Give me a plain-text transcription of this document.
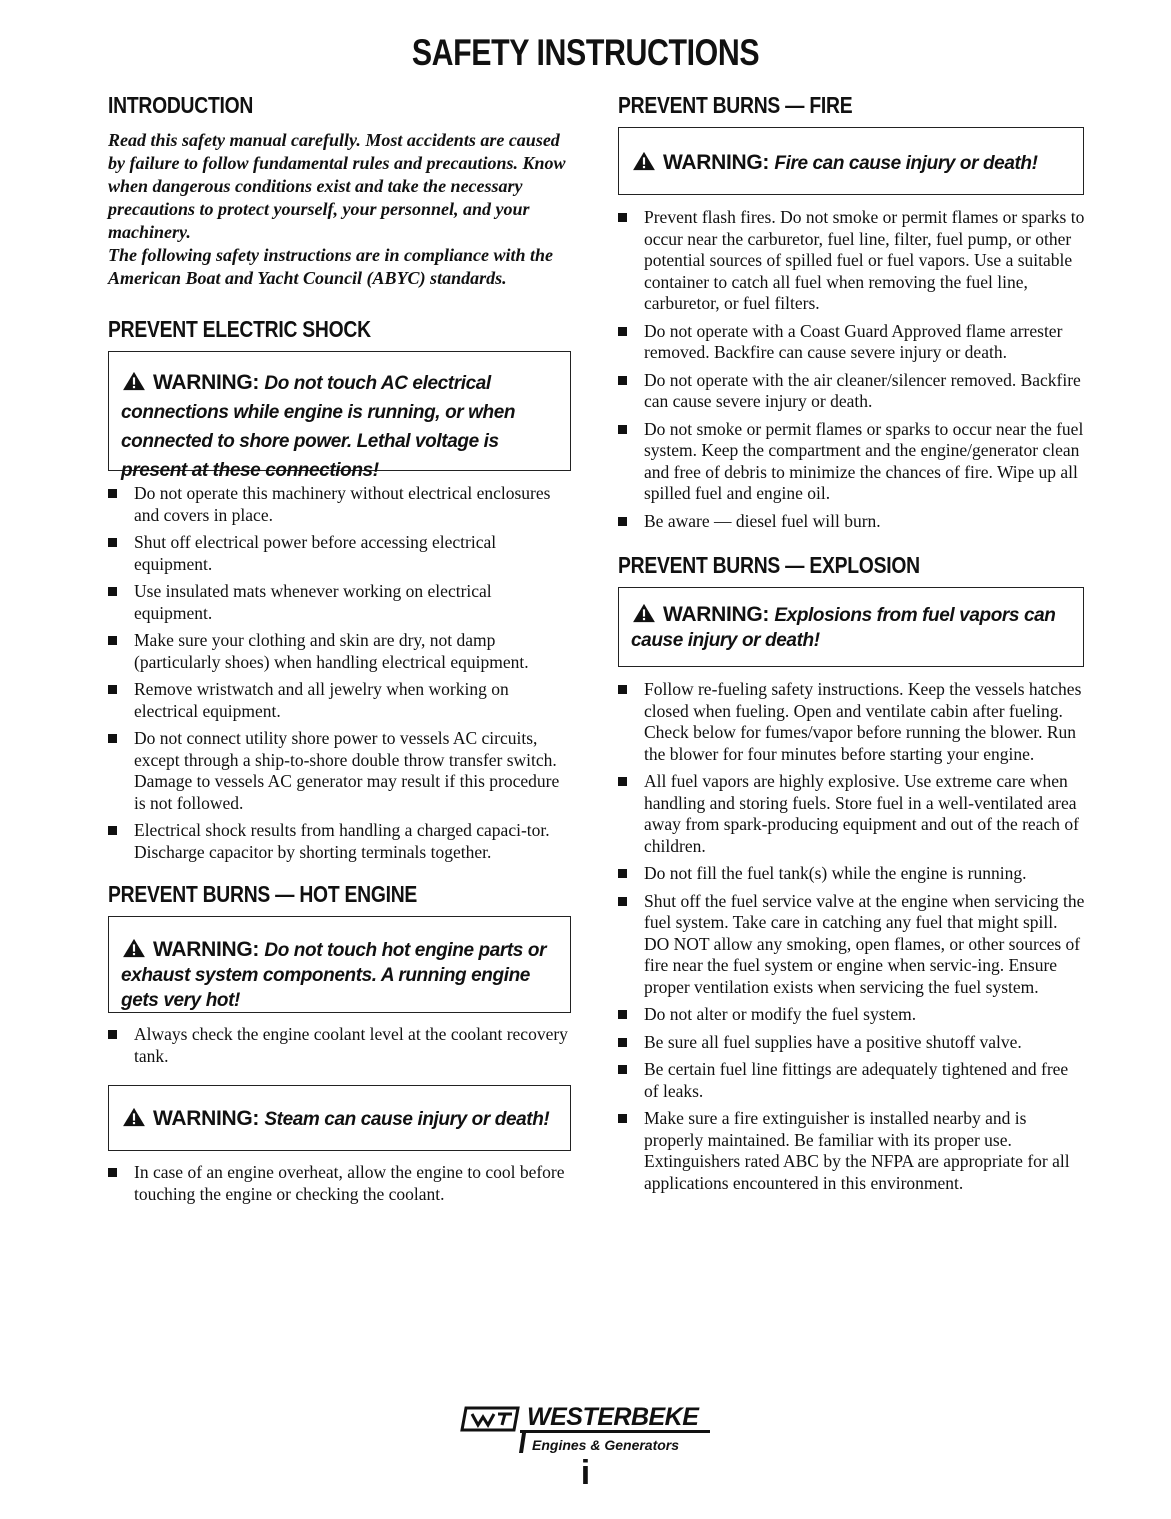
SAFETY INSTRUCTIONS
INTRODUCTION

Read this safety manual carefully. Most accidents are caused by failure to follow fundamental rules and precautions. Know when dangerous conditions exist and take the necessary precautions to protect yourself, your personnel, and your machinery.

The following safety instructions are in compliance with the American Boat and Yacht Council (ABYC) standards.

PREVENT ELECTRIC SHOCK
WARNING: Do not touch AC electrical connections while engine is running, or when connected to shore power. Lethal voltage is present at these connections!
Do not operate this machinery without electrical enclosures and covers in place.
Shut off electrical power before accessing electrical equipment.
Use insulated mats whenever working on electrical equipment.
Make sure your clothing and skin are dry, not damp (particularly shoes) when handling electrical equipment.
Remove wristwatch and all jewelry when working on electrical equipment.
Do not connect utility shore power to vessels AC circuits, except through a ship-to-shore double throw transfer switch. Damage to vessels AC generator may result if this procedure is not followed.
Electrical shock results from handling a charged capaci-tor. Discharge capacitor by shorting terminals together.
PREVENT BURNS — HOT ENGINE
WARNING: Do not touch hot engine parts or exhaust system components. A running engine gets very hot!
Always check the engine coolant level at the coolant recovery tank.
WARNING: Steam can cause injury or death!
In case of an engine overheat, allow the engine to cool before touching the engine or checking the coolant.
PREVENT BURNS — FIRE
WARNING: Fire can cause injury or death!
Prevent flash fires. Do not smoke or permit flames or sparks to occur near the carburetor, fuel line, filter, fuel pump, or other potential sources of spilled fuel or fuel vapors. Use a suitable container to catch all fuel when removing the fuel line, carburetor, or fuel filters.
Do not operate with a Coast Guard Approved flame arrester removed. Backfire can cause severe injury or death.
Do not operate with the air cleaner/silencer removed. Backfire can cause severe injury or death.
Do not smoke or permit flames or sparks to occur near the fuel system. Keep the compartment and the engine/generator clean and free of debris to minimize the chances of fire. Wipe up all spilled fuel and engine oil.
Be aware — diesel fuel will burn.
PREVENT BURNS — EXPLOSION
WARNING: Explosions from fuel vapors can cause injury or death!
Follow re-fueling safety instructions. Keep the vessels hatches closed when fueling. Open and ventilate cabin after fueling. Check below for fumes/vapor before running the blower. Run the blower for four minutes before starting your engine.
All fuel vapors are highly explosive. Use extreme care when handling and storing fuels. Store fuel in a well-ventilated area away from spark-producing equipment and out of the reach of children.
Do not fill the fuel tank(s) while the engine is running.
Shut off the fuel service valve at the engine when servicing the fuel system. Take care in catching any fuel that might spill. DO NOT allow any smoking, open flames, or other sources of fire near the fuel system or engine when servic-ing. Ensure proper ventilation exists when servicing the fuel system.
Do not alter or modify the fuel system.
Be sure all fuel supplies have a positive shutoff valve.
Be certain fuel line fittings are adequately tightened and free of leaks.
Make sure a fire extinguisher is installed nearby and is properly maintained. Be familiar with its proper use. Extinguishers rated ABC by the NFPA are appropriate for all applications encountered in this environment.
WESTERBEKE
Engines & Generators
i
